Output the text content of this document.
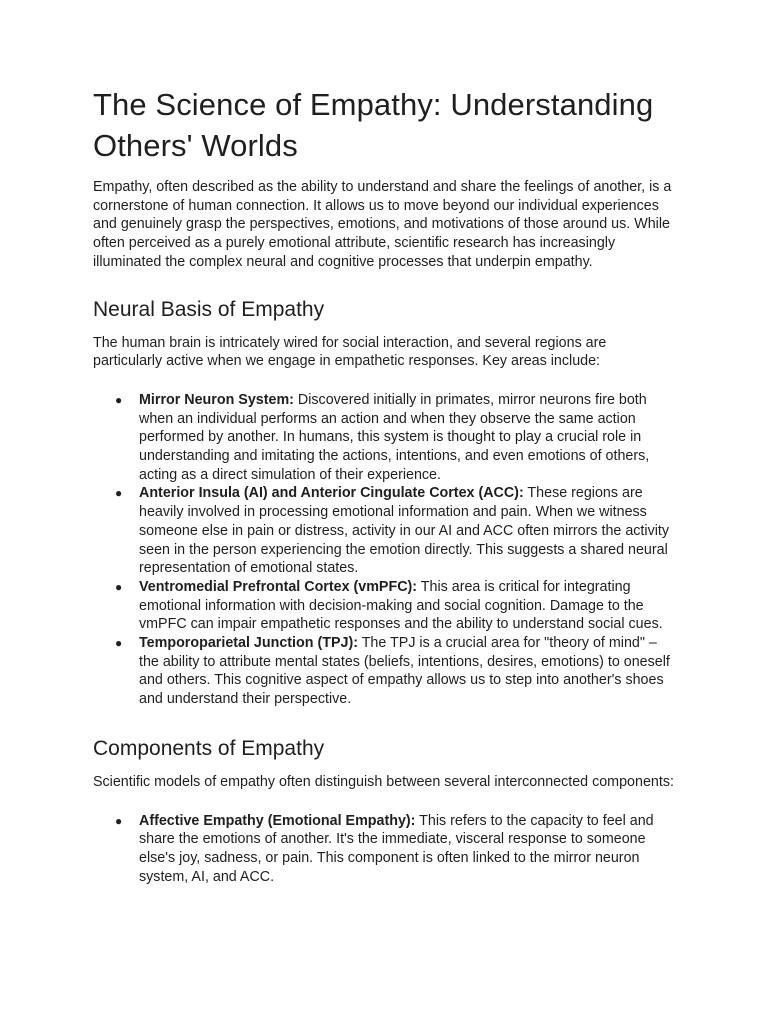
The Science of Empathy: Understanding Others' Worlds

Empathy, often described as the ability to understand and share the feelings of another, is a cornerstone of human connection. It allows us to move beyond our individual experiences and genuinely grasp the perspectives, emotions, and motivations of those around us. While often perceived as a purely emotional attribute, scientific research has increasingly illuminated the complex neural and cognitive processes that underpin empathy.

Neural Basis of Empathy

The human brain is intricately wired for social interaction, and several regions are particularly active when we engage in empathetic responses. Key areas include:

● Mirror Neuron System: Discovered initially in primates, mirror neurons fire both when an individual performs an action and when they observe the same action performed by another. In humans, this system is thought to play a crucial role in understanding and imitating the actions, intentions, and even emotions of others, acting as a direct simulation of their experience.
● Anterior Insula (AI) and Anterior Cingulate Cortex (ACC): These regions are heavily involved in processing emotional information and pain. When we witness someone else in pain or distress, activity in our AI and ACC often mirrors the activity seen in the person experiencing the emotion directly. This suggests a shared neural representation of emotional states.
● Ventromedial Prefrontal Cortex (vmPFC): This area is critical for integrating emotional information with decision-making and social cognition. Damage to the vmPFC can impair empathetic responses and the ability to understand social cues.
● Temporoparietal Junction (TPJ): The TPJ is a crucial area for "theory of mind" – the ability to attribute mental states (beliefs, intentions, desires, emotions) to oneself and others. This cognitive aspect of empathy allows us to step into another's shoes and understand their perspective.
Components of Empathy

Scientific models of empathy often distinguish between several interconnected components:

● Affective Empathy (Emotional Empathy): This refers to the capacity to feel and share the emotions of another. It's the immediate, visceral response to someone else's joy, sadness, or pain. This component is often linked to the mirror neuron system, AI, and ACC.
